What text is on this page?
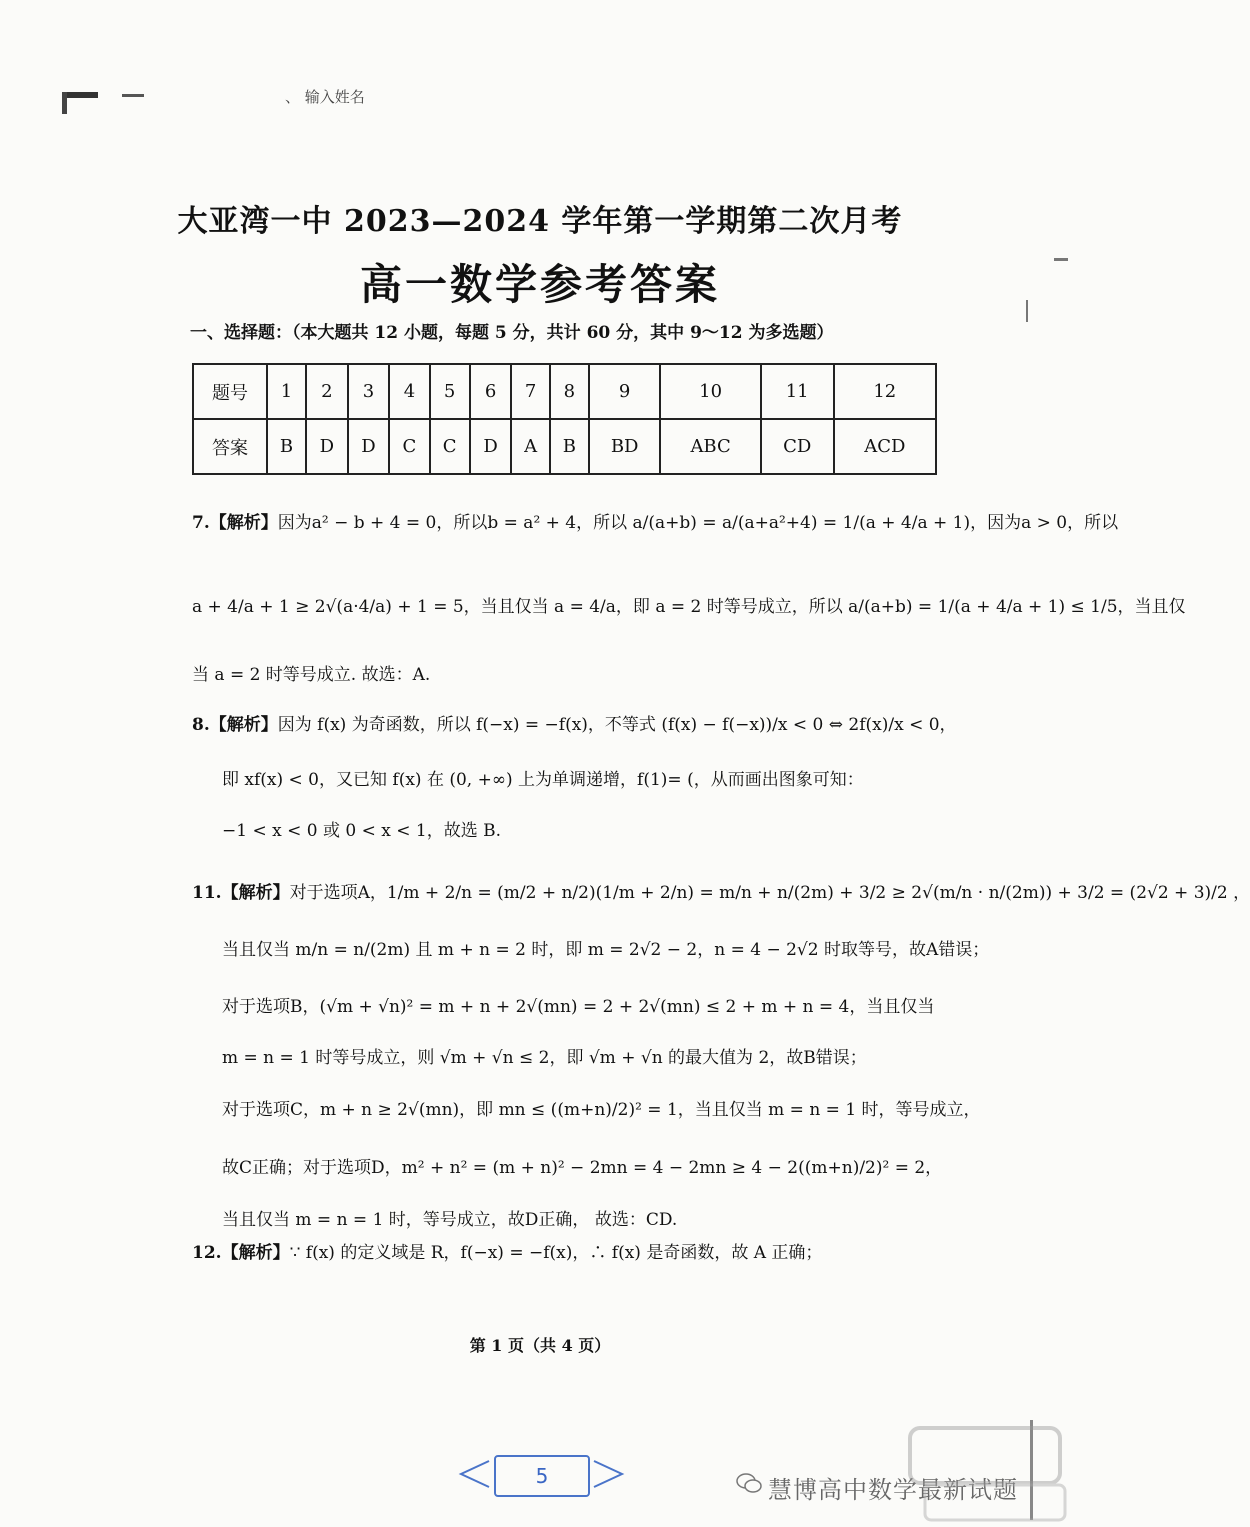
、 输入姓名
大亚湾一中 2023—2024 学年第一学期第二次月考
高一数学参考答案
一、选择题：（本大题共 12 小题，每题 5 分，共计 60 分，其中 9～12 为多选题）
题号	1	2	3	4	5	6	7	8	9	10	11	12
答案	B	D	D	C	C	D	A	B	BD	ABC	CD	ACD
7.【解析】因为a² − b + 4 = 0，所以b = a² + 4，所以 a/(a+b) = a/(a+a²+4) = 1/(a + 4/a + 1)，因为a > 0，所以
a + 4/a + 1 ≥ 2√(a·4/a) + 1 = 5，当且仅当 a = 4/a，即 a = 2 时等号成立，所以 a/(a+b) = 1/(a + 4/a + 1) ≤ 1/5，当且仅
当 a = 2 时等号成立. 故选：A.
8.【解析】因为 f(x) 为奇函数，所以 f(−x) = −f(x)，不等式 (f(x) − f(−x))/x < 0 ⇔ 2f(x)/x < 0，
即 xf(x) < 0，又已知 f(x) 在 (0, +∞) 上为单调递增，f(1)= (，从而画出图象可知：
−1 < x < 0 或 0 < x < 1，故选 B.
11.【解析】对于选项A，1/m + 2/n = (m/2 + n/2)(1/m + 2/n) = m/n + n/(2m) + 3/2 ≥ 2√(m/n · n/(2m)) + 3/2 = (2√2 + 3)/2 ，
当且仅当 m/n = n/(2m) 且 m + n = 2 时，即 m = 2√2 − 2，n = 4 − 2√2 时取等号，故A错误；
对于选项B，(√m + √n)² = m + n + 2√(mn) = 2 + 2√(mn) ≤ 2 + m + n = 4，当且仅当
m = n = 1 时等号成立，则 √m + √n ≤ 2，即 √m + √n 的最大值为 2，故B错误；
对于选项C，m + n ≥ 2√(mn)，即 mn ≤ ((m+n)/2)² = 1，当且仅当 m = n = 1 时，等号成立，
故C正确；对于选项D，m² + n² = (m + n)² − 2mn = 4 − 2mn ≥ 4 − 2((m+n)/2)² = 2，
当且仅当 m = n = 1 时，等号成立，故D正确， 故选：CD.
12.【解析】∵ f(x) 的定义域是 R，f(−x) = −f(x)，∴ f(x) 是奇函数，故 A 正确；
第 1 页（共 4 页）
5	慧博高中数学最新试题
